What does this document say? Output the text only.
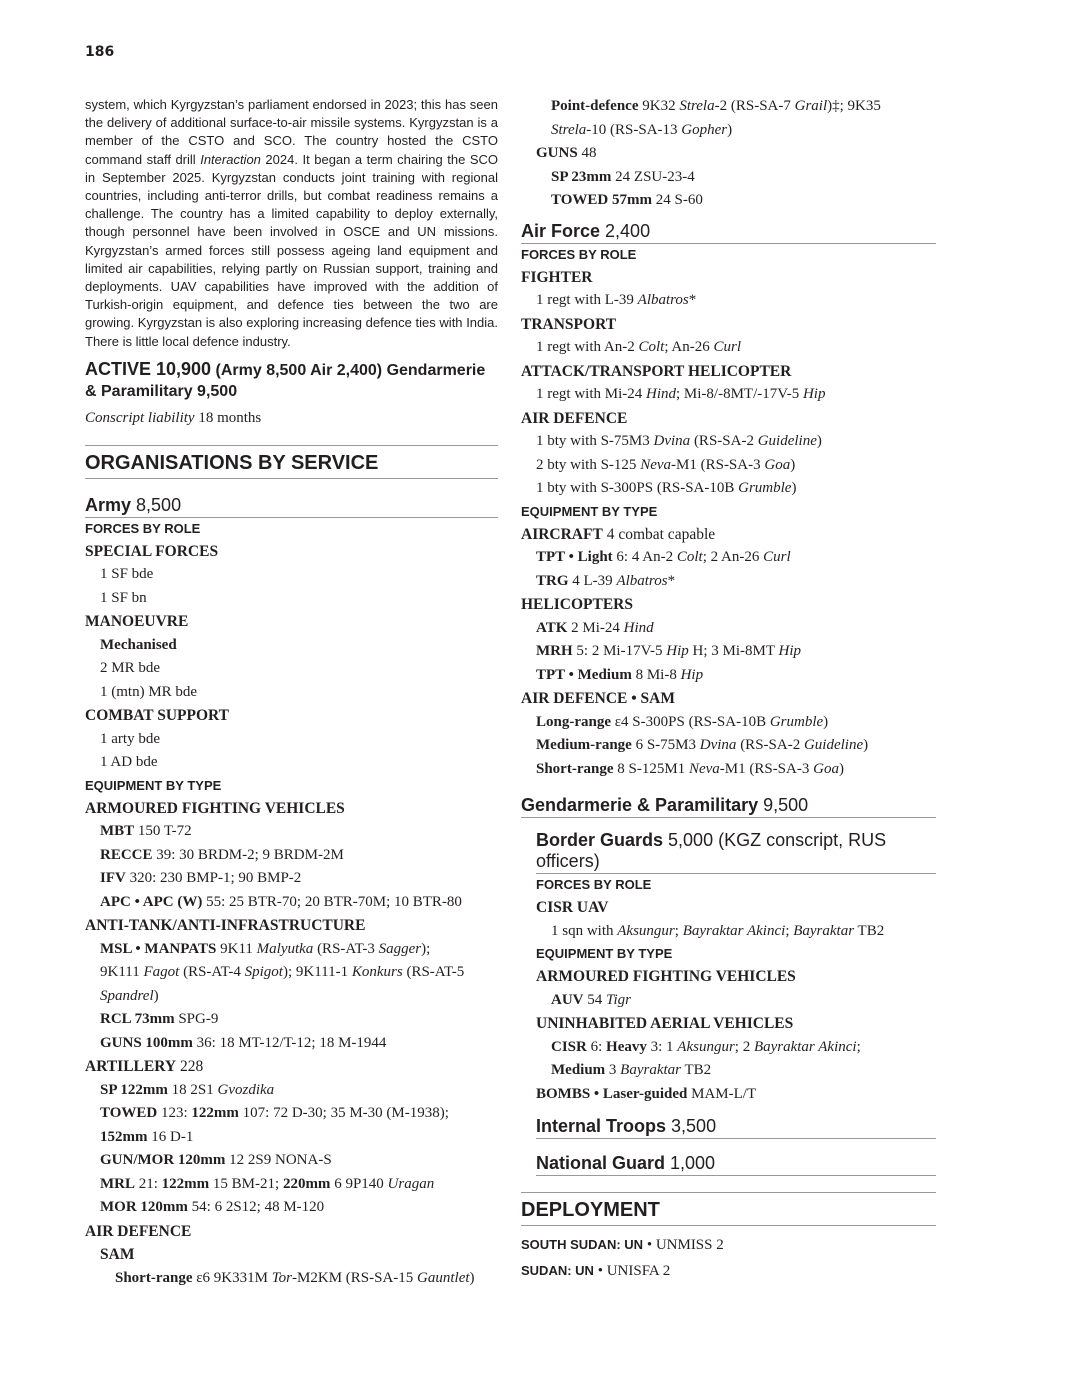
186

system, which Kyrgyzstan’s parliament endorsed in 2023; this has seen the delivery of additional surface-to-air missile systems. Kyrgyzstan is a member of the CSTO and SCO. The country hosted the CSTO command staff drill Interaction 2024. It began a term chairing the SCO in September 2025. Kyrgyzstan conducts joint training with regional countries, including anti-terror drills, but combat readiness remains a challenge. The country has a limited capability to deploy externally, though personnel have been involved in OSCE and UN missions. Kyrgyzstan’s armed forces still possess ageing land equipment and limited air capabilities, relying partly on Russian support, training and deployments. UAV capabilities have improved with the addition of Turkish-origin equipment, and defence ties between the two are growing. Kyrgyzstan is also exploring increasing defence ties with India. There is little local defence industry.

ACTIVE 10,900 (Army 8,500 Air 2,400) Gendarmerie & Paramilitary 9,500
Conscript liability 18 months
ORGANISATIONS BY SERVICE
Army 8,500
FORCES BY ROLE
SPECIAL FORCES
1 SF bde
1 SF bn
MANOEUVRE
Mechanised
2 MR bde
1 (mtn) MR bde
COMBAT SUPPORT
1 arty bde
1 AD bde
EQUIPMENT BY TYPE
ARMOURED FIGHTING VEHICLES
MBT 150 T-72
RECCE 39: 30 BRDM-2; 9 BRDM-2M
IFV 320: 230 BMP-1; 90 BMP-2
APC • APC (W) 55: 25 BTR-70; 20 BTR-70M; 10 BTR-80
ANTI-TANK/ANTI-INFRASTRUCTURE
MSL • MANPATS 9K11 Malyutka (RS-AT-3 Sagger);
9K111 Fagot (RS-AT-4 Spigot); 9K111-1 Konkurs (RS-AT-5
Spandrel)
RCL 73mm SPG-9
GUNS 100mm 36: 18 MT-12/T-12; 18 M-1944
ARTILLERY 228
SP 122mm 18 2S1 Gvozdika
TOWED 123: 122mm 107: 72 D-30; 35 M-30 (M-1938);
152mm 16 D-1
GUN/MOR 120mm 12 2S9 NONA-S
MRL 21: 122mm 15 BM-21; 220mm 6 9P140 Uragan
MOR 120mm 54: 6 2S12; 48 M-120
AIR DEFENCE
SAM
Short-range ε6 9K331M Tor-M2KM (RS-SA-15 Gauntlet)
Point-defence 9K32 Strela-2 (RS-SA-7 Grail)‡; 9K35
Strela-10 (RS-SA-13 Gopher)
GUNS 48
SP 23mm 24 ZSU-23-4
TOWED 57mm 24 S-60
Air Force 2,400
FORCES BY ROLE
FIGHTER
1 regt with L-39 Albatros*
TRANSPORT
1 regt with An-2 Colt; An-26 Curl
ATTACK/TRANSPORT HELICOPTER
1 regt with Mi-24 Hind; Mi-8/-8MT/-17V-5 Hip
AIR DEFENCE
1 bty with S-75M3 Dvina (RS-SA-2 Guideline)
2 bty with S-125 Neva-M1 (RS-SA-3 Goa)
1 bty with S-300PS (RS-SA-10B Grumble)
EQUIPMENT BY TYPE
AIRCRAFT 4 combat capable
TPT • Light 6: 4 An-2 Colt; 2 An-26 Curl
TRG 4 L-39 Albatros*
HELICOPTERS
ATK 2 Mi-24 Hind
MRH 5: 2 Mi-17V-5 Hip H; 3 Mi-8MT Hip
TPT • Medium 8 Mi-8 Hip
AIR DEFENCE • SAM
Long-range ε4 S-300PS (RS-SA-10B Grumble)
Medium-range 6 S-75M3 Dvina (RS-SA-2 Guideline)
Short-range 8 S-125M1 Neva-M1 (RS-SA-3 Goa)
Gendarmerie & Paramilitary 9,500
Border Guards 5,000 (KGZ conscript, RUS officers)
FORCES BY ROLE
CISR UAV
1 sqn with Aksungur; Bayraktar Akinci; Bayraktar TB2
EQUIPMENT BY TYPE
ARMOURED FIGHTING VEHICLES
AUV 54 Tigr
UNINHABITED AERIAL VEHICLES
CISR 6: Heavy 3: 1 Aksungur; 2 Bayraktar Akinci;
Medium 3 Bayraktar TB2
BOMBS • Laser-guided MAM-L/T
Internal Troops 3,500
National Guard 1,000
DEPLOYMENT
SOUTH SUDAN: UN • UNMISS 2
SUDAN: UN • UNISFA 2
